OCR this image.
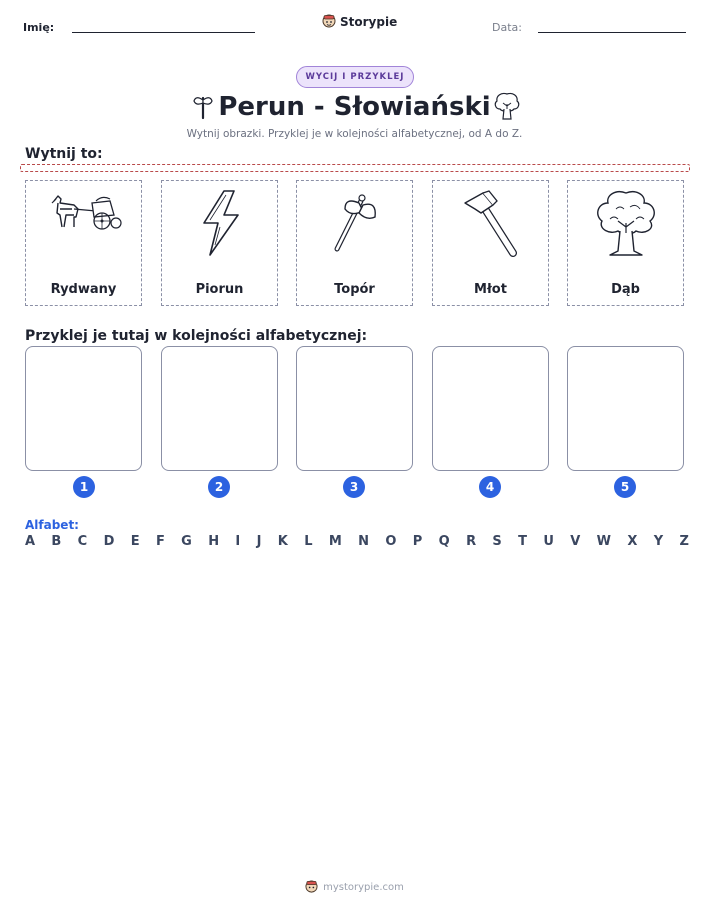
Imię:	Storypie	Data:
WYCIJ I PRZYKLEJ
Perun - Słowiański
Wytnij obrazki. Przyklej je w kolejności alfabetycznej, od A do Z.
Wytnij to:
Rydwany	Piorun	Topór	Młot	Dąb
Przyklej je tutaj w kolejności alfabetycznej:
1	2	3	4	5
Alfabet:
A B C D E F G H I J K L M N O P Q R S T U V W X Y Z
mystorypie.com
